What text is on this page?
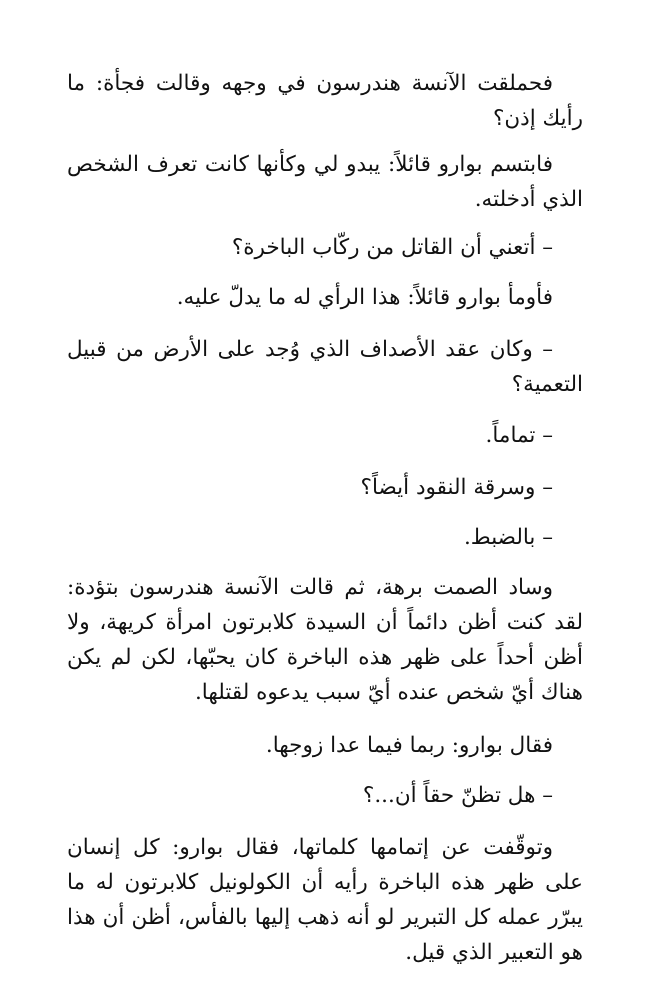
فحملقت الآنسة هندرسون في وجهه وقالت فجأة: ما رأيك إذن؟

فابتسم بوارو قائلاً: يبدو لي وكأنها كانت تعرف الشخص الذي أدخلته.

– أتعني أن القاتل من ركّاب الباخرة؟

فأومأ بوارو قائلاً: هذا الرأي له ما يدلّ عليه.

– وكان عقد الأصداف الذي وُجد على الأرض من قبيل التعمية؟

– تماماً.

– وسرقة النقود أيضاً؟

– بالضبط.

وساد الصمت برهة، ثم قالت الآنسة هندرسون بتؤدة: لقد كنت أظن دائماً أن السيدة كلابرتون امرأة كريهة، ولا أظن أحداً على ظهر هذه الباخرة كان يحبّها، لكن لم يكن هناك أيّ شخص عنده أيّ سبب يدعوه لقتلها.

فقال بوارو: ربما فيما عدا زوجها.

– هل تظنّ حقاً أن...؟

وتوقّفت عن إتمامها كلماتها، فقال بوارو: كل إنسان على ظهر هذه الباخرة رأيه أن الكولونيل كلابرتون له ما يبرّر عمله كل التبرير لو أنه ذهب إليها بالفأس، أظن أن هذا هو التعبير الذي قيل.
